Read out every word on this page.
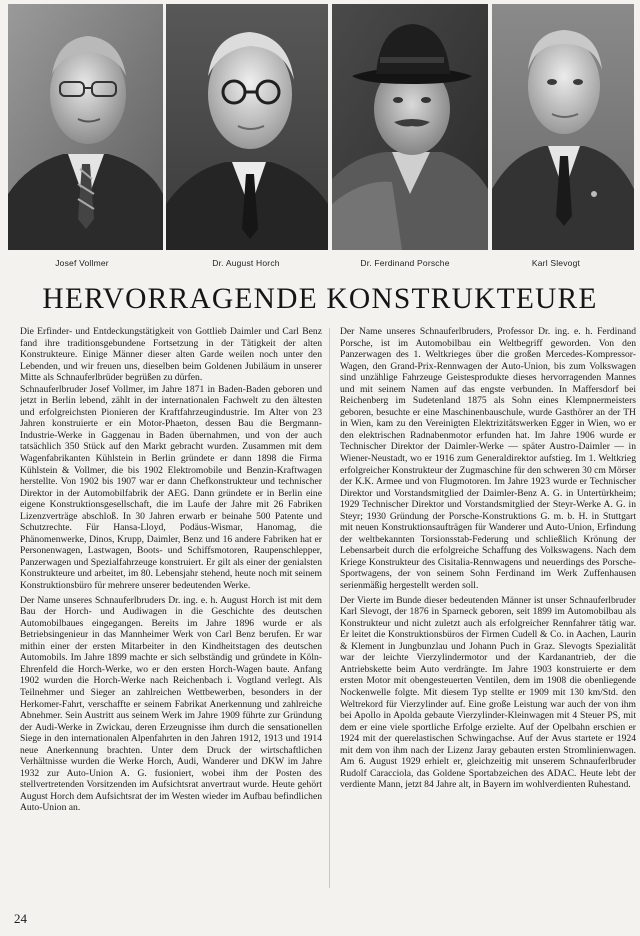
Josef Vollmer	Dr. August Horch	Dr. Ferdinand Porsche	Karl Slevogt
HERVORRAGENDE KONSTRUKTEURE

Die Erfinder- und Entdeckungstätigkeit von Gottlieb Daimler und Carl Benz fand ihre traditionsgebundene Fortsetzung in der Tätigkeit der alten Konstrukteure. Einige Männer dieser alten Garde weilen noch unter den Lebenden, und wir freuen uns, dieselben beim Goldenen Jubiläum in unserer Mitte als Schnauferlbrüder begrüßen zu dürfen.

Schnauferlbruder Josef Vollmer, im Jahre 1871 in Baden-Baden geboren und jetzt in Berlin lebend, zählt in der internationalen Fachwelt zu den ältesten und erfolgreichsten Pionieren der Kraftfahrzeugindustrie. Im Alter von 23 Jahren konstruierte er ein Motor-Phaeton, dessen Bau die Bergmann-Industrie-Werke in Gaggenau in Baden übernahmen, und von der auch tatsächlich 350 Stück auf den Markt gebracht wurden. Zusammen mit dem Wagenfabrikanten Kühlstein in Berlin gründete er dann 1898 die Firma Kühlstein & Vollmer, die bis 1902 Elektromobile und Benzin-Kraftwagen herstellte. Von 1902 bis 1907 war er dann Chefkonstrukteur und technischer Direktor in der Automobilfabrik der AEG. Dann gründete er in Berlin eine eigene Konstruktionsgesellschaft, die im Laufe der Jahre mit 26 Fabriken Lizenzverträge abschloß. In 30 Jahren erwarb er beinahe 500 Patente und Schutzrechte. Für Hansa-Lloyd, Podäus-Wismar, Hanomag, die Phänomenwerke, Dinos, Krupp, Daimler, Benz und 16 andere Fabriken hat er Personenwagen, Lastwagen, Boots- und Schiffsmotoren, Raupenschlepper, Panzerwagen und Spezialfahrzeuge konstruiert. Er gilt als einer der genialsten Konstrukteure und arbeitet, im 80. Lebensjahr stehend, heute noch mit seinem Konstruktionsbüro für mehrere unserer bedeutenden Werke.

Der Name unseres Schnauferlbruders Dr. ing. e. h. August Horch ist mit dem Bau der Horch- und Audiwagen in die Geschichte des deutschen Automobilbaues eingegangen. Bereits im Jahre 1896 wurde er als Betriebsingenieur in das Mannheimer Werk von Carl Benz berufen. Er war mithin einer der ersten Mitarbeiter in den Kindheitstagen des deutschen Automobils. Im Jahre 1899 machte er sich selbständig und gründete in Köln-Ehrenfeld die Horch-Werke, wo er den ersten Horch-Wagen baute. Anfang 1902 wurden die Horch-Werke nach Reichenbach i. Vogtland verlegt. Als Teilnehmer und Sieger an zahlreichen Wettbewerben, besonders in der Herkomer-Fahrt, verschaffte er seinem Fabrikat Anerkennung und zahlreiche Abnehmer. Sein Austritt aus seinem Werk im Jahre 1909 führte zur Gründung der Audi-Werke in Zwickau, deren Erzeugnisse ihm durch die sensationellen Siege in den internationalen Alpenfahrten in den Jahren 1912, 1913 und 1914 neue Anerkennung brachten. Unter dem Druck der wirtschaftlichen Verhältnisse wurden die Werke Horch, Audi, Wanderer und DKW im Jahre 1932 zur Auto-Union A. G. fusioniert, wobei ihm der Posten des stellvertretenden Vorsitzenden im Aufsichtsrat anvertraut wurde. Heute gehört August Horch dem Aufsichtsrat der im Westen wieder im Aufbau befindlichen Auto-Union an.

Der Name unseres Schnauferlbruders, Professor Dr. ing. e. h. Ferdinand Porsche, ist im Automobilbau ein Weltbegriff geworden. Von den Panzerwagen des 1. Weltkrieges über die großen Mercedes-Kompressor-Wagen, den Grand-Prix-Rennwagen der Auto-Union, bis zum Volkswagen sind unzählige Fahrzeuge Geistesprodukte dieses hervorragenden Mannes und mit seinem Namen auf das engste verbunden. In Maffersdorf bei Reichenberg im Sudetenland 1875 als Sohn eines Klempnermeisters geboren, besuchte er eine Maschinenbauschule, wurde Gasthörer an der TH in Wien, kam zu den Vereinigten Elektrizitätswerken Egger in Wien, wo er den elektrischen Radnabenmotor erfunden hat. Im Jahre 1906 wurde er Technischer Direktor der Daimler-Werke — später Austro-Daimler — in Wiener-Neustadt, wo er 1916 zum Generaldirektor aufstieg. Im 1. Weltkrieg erfolgreicher Konstrukteur der Zugmaschine für den schweren 30 cm Mörser der K.K. Armee und von Flugmotoren. Im Jahre 1923 wurde er Technischer Direktor und Vorstandsmitglied der Daimler-Benz A. G. in Untertürkheim; 1929 Technischer Direktor und Vorstandsmitglied der Steyr-Werke A. G. in Steyr; 1930 Gründung der Porsche-Konstruktions G. m. b. H. in Stuttgart mit neuen Konstruktionsaufträgen für Wanderer und Auto-Union, Erfindung der weltbekannten Torsionsstab-Federung und schließlich Krönung der Lebensarbeit durch die erfolgreiche Schaffung des Volkswagens. Nach dem Kriege Konstrukteur des Cisitalia-Rennwagens und neuerdings des Porsche-Sportwagens, der von seinem Sohn Ferdinand im Werk Zuffenhausen serienmäßig hergestellt werden soll.

Der Vierte im Bunde dieser bedeutenden Männer ist unser Schnauferlbruder Karl Slevogt, der 1876 in Sparneck geboren, seit 1899 im Automobilbau als Konstrukteur und nicht zuletzt auch als erfolgreicher Rennfahrer tätig war. Er leitet die Konstruktionsbüros der Firmen Cudell & Co. in Aachen, Laurin & Klement in Jungbunzlau und Johann Puch in Graz. Slevogts Spezialität war der leichte Vierzylindermotor und der Kardanantrieb, der die Antriebskette beim Auto verdrängte. Im Jahre 1903 konstruierte er dem ersten Motor mit obengesteuerten Ventilen, dem im 1908 die obenliegende Nockenwelle folgte. Mit diesem Typ stellte er 1909 mit 130 km/Std. den Weltrekord für Vierzylinder auf. Eine große Leistung war auch der von ihm bei Apollo in Apolda gebaute Vierzylinder-Kleinwagen mit 4 Steuer PS, mit dem er eine viele sportliche Erfolge erzielte. Auf der Opelbahn erschien er 1924 mit der querelastischen Schwingachse. Auf der Avus startete er 1924 mit dem von ihm nach der Lizenz Jaray gebauten ersten Stromlinienwagen. Am 6. August 1929 erhielt er, gleichzeitig mit unserem Schnauferlbruder Rudolf Caracciola, das Goldene Sportabzeichen des ADAC. Heute lebt der verdiente Mann, jetzt 84 Jahre alt, in Bayern im wohlverdienten Ruhestand.

24
